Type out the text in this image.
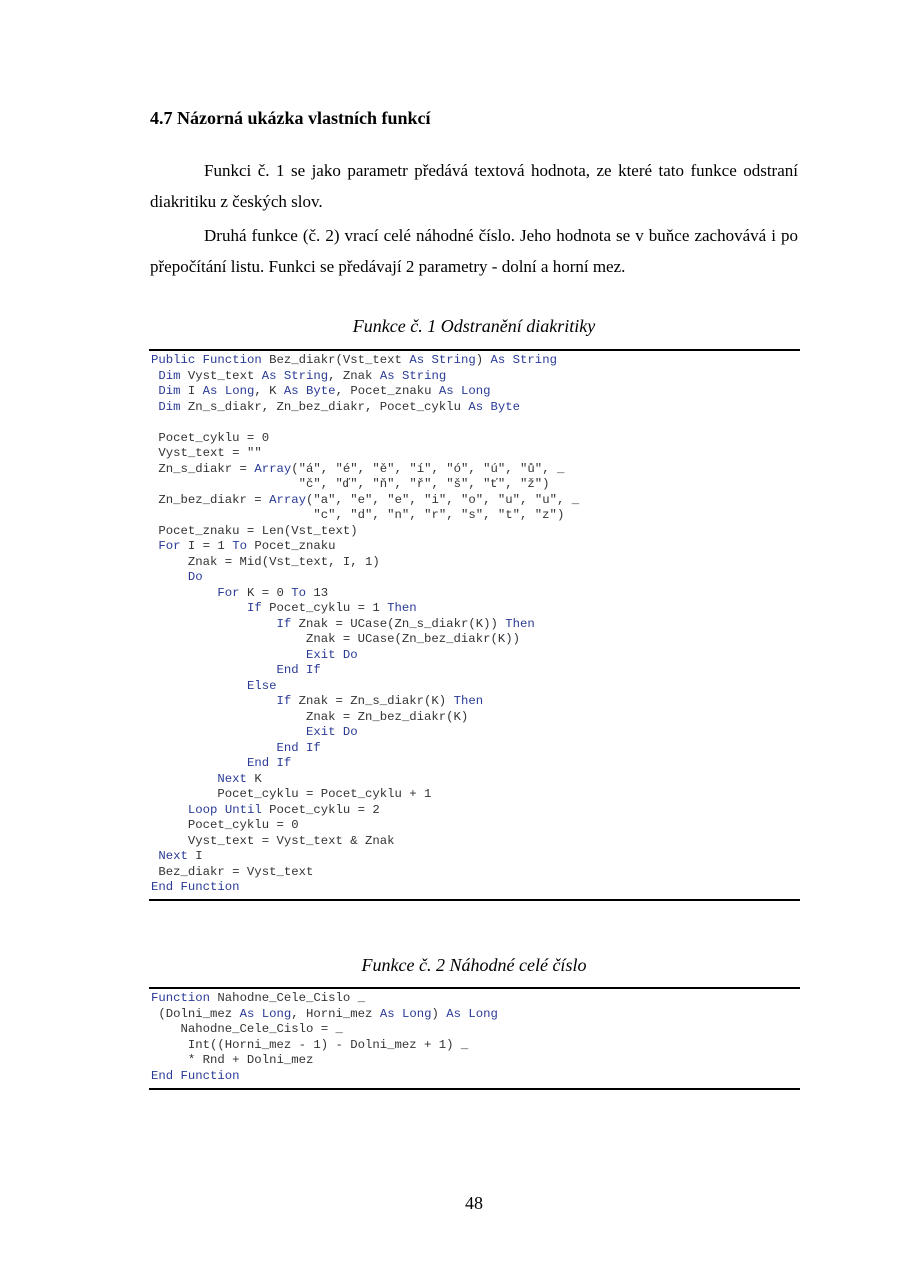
4.7 Názorná ukázka vlastních funkcí

Funkci č. 1 se jako parametr předává textová hodnota, ze které tato funkce odstraní diakritiku z českých slov.

Druhá funkce (č. 2) vrací celé náhodné číslo. Jeho hodnota se v buňce zachovává i po přepočítání listu. Funkci se předávají 2 parametry - dolní a horní mez.

Funkce č. 1 Odstranění diakritiky

Public Function Bez_diakr(Vst_text As String) As String
Dim Vyst_text As String, Znak As String
Dim I As Long, K As Byte, Pocet_znaku As Long
Dim Zn_s_diakr, Zn_bez_diakr, Pocet_cyklu As Byte

Pocet_cyklu = 0
Vyst_text = ""
Zn_s_diakr = Array("á", "é", "ě", "í", "ó", "ú", "ů", _
"č", "ď", "ň", "ř", "š", "ť", "ž")
Zn_bez_diakr = Array("a", "e", "e", "i", "o", "u", "u", _
"c", "d", "n", "r", "s", "t", "z")
Pocet_znaku = Len(Vst_text)
For I = 1 To Pocet_znaku
Znak = Mid(Vst_text, I, 1)
Do
For K = 0 To 13
If Pocet_cyklu = 1 Then
If Znak = UCase(Zn_s_diakr(K)) Then
Znak = UCase(Zn_bez_diakr(K))
Exit Do
End If
Else
If Znak = Zn_s_diakr(K) Then
Znak = Zn_bez_diakr(K)
Exit Do
End If
End If
Next K
Pocet_cyklu = Pocet_cyklu + 1
Loop Until Pocet_cyklu = 2
Pocet_cyklu = 0
Vyst_text = Vyst_text & Znak
Next I
Bez_diakr = Vyst_text
End Function

Funkce č. 2 Náhodné celé číslo

Function Nahodne_Cele_Cislo _
(Dolni_mez As Long, Horni_mez As Long) As Long
Nahodne_Cele_Cislo = _
Int((Horni_mez - 1) - Dolni_mez + 1) _
* Rnd + Dolni_mez
End Function

48
